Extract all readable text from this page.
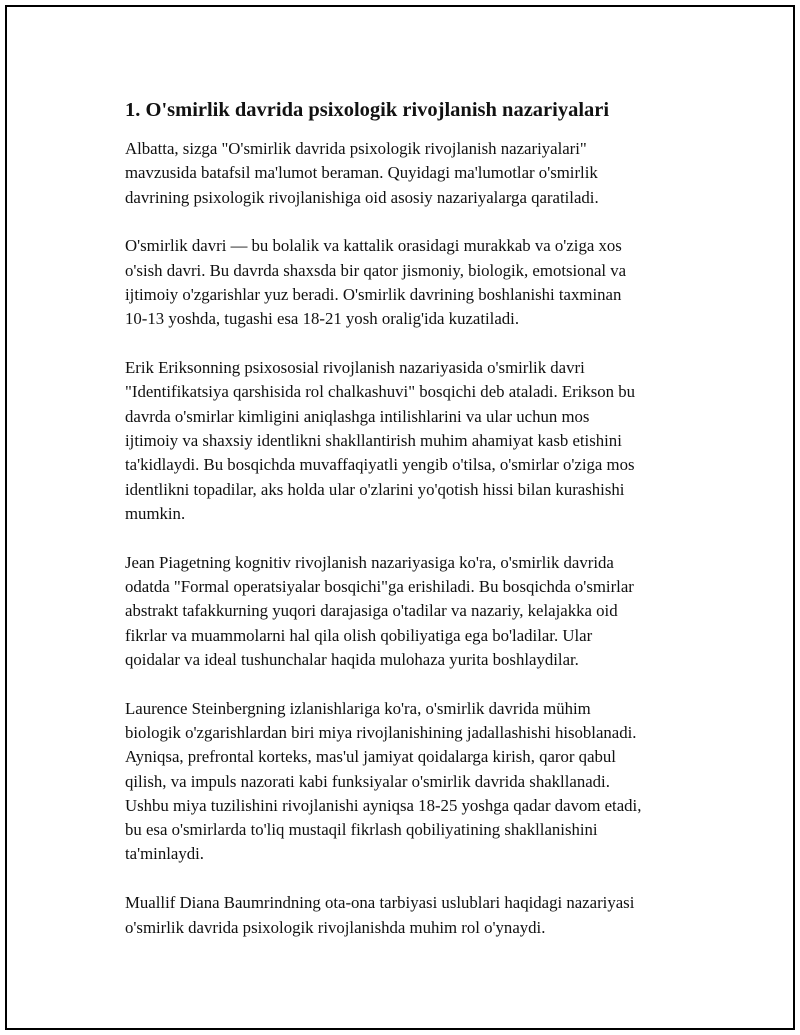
1. O'smirlik davrida psixologik rivojlanish nazariyalari

Albatta, sizga "O'smirlik davrida psixologik rivojlanish nazariyalari"
mavzusida batafsil ma'lumot beraman. Quyidagi ma'lumotlar o'smirlik
davrining psixologik rivojlanishiga oid asosiy nazariyalarga qaratiladi.

O'smirlik davri — bu bolalik va kattalik orasidagi murakkab va o'ziga xos
o'sish davri. Bu davrda shaxsda bir qator jismoniy, biologik, emotsional va
ijtimoiy o'zgarishlar yuz beradi. O'smirlik davrining boshlanishi taxminan
10-13 yoshda, tugashi esa 18-21 yosh oralig'ida kuzatiladi.

Erik Eriksonning psixososial rivojlanish nazariyasida o'smirlik davri
"Identifikatsiya qarshisida rol chalkashuvi" bosqichi deb ataladi. Erikson bu
davrda o'smirlar kimligini aniqlashga intilishlarini va ular uchun mos
ijtimoiy va shaxsiy identlikni shakllantirish muhim ahamiyat kasb etishini
ta'kidlaydi. Bu bosqichda muvaffaqiyatli yengib o'tilsa, o'smirlar o'ziga mos
identlikni topadilar, aks holda ular o'zlarini yo'qotish hissi bilan kurashishi
mumkin.

Jean Piagetning kognitiv rivojlanish nazariyasiga ko'ra, o'smirlik davrida
odatda "Formal operatsiyalar bosqichi"ga erishiladi. Bu bosqichda o'smirlar
abstrakt tafakkurning yuqori darajasiga o'tadilar va nazariy, kelajakka oid
fikrlar va muammolarni hal qila olish qobiliyatiga ega bo'ladilar. Ular
qoidalar va ideal tushunchalar haqida mulohaza yurita boshlaydilar.

Laurence Steinbergning izlanishlariga ko'ra, o'smirlik davrida mühim
biologik o'zgarishlardan biri miya rivojlanishining jadallashishi hisoblanadi.
Ayniqsa, prefrontal korteks, mas'ul jamiyat qoidalarga kirish, qaror qabul
qilish, va impuls nazorati kabi funksiyalar o'smirlik davrida shakllanadi.
Ushbu miya tuzilishini rivojlanishi ayniqsa 18-25 yoshga qadar davom etadi,
bu esa o'smirlarda to'liq mustaqil fikrlash qobiliyatining shakllanishini
ta'minlaydi.

Muallif Diana Baumrindning ota-ona tarbiyasi uslublari haqidagi nazariyasi
o'smirlik davrida psixologik rivojlanishda muhim rol o'ynaydi.
